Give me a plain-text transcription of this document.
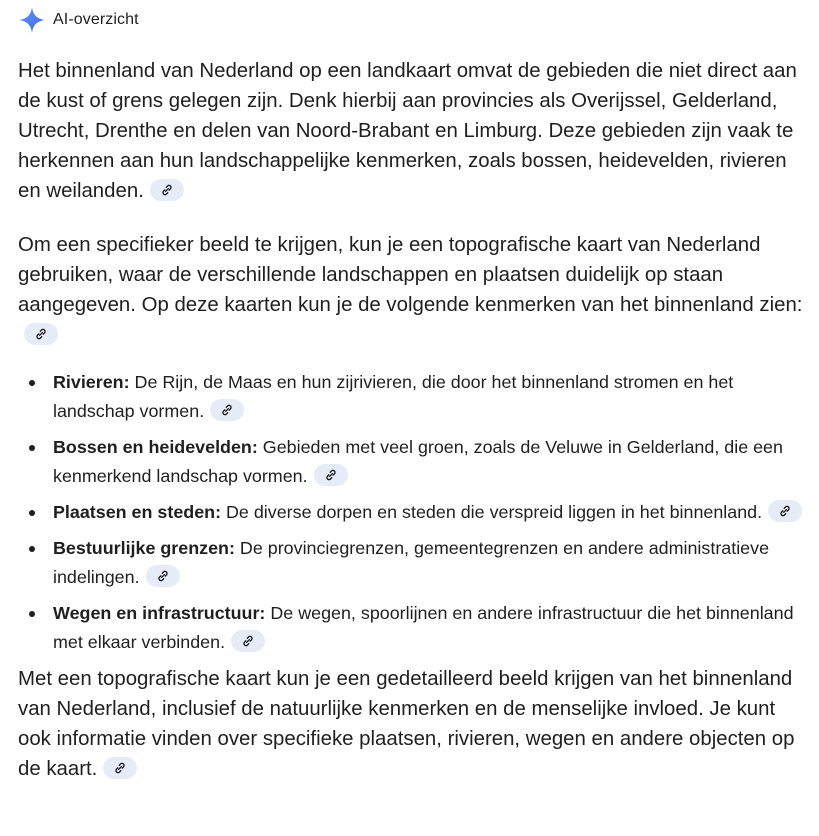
AI-overzicht

Het binnenland van Nederland op een landkaart omvat de gebieden die niet direct aan de kust of grens gelegen zijn. Denk hierbij aan provincies als Overijssel, Gelderland, Utrecht, Drenthe en delen van Noord-Brabant en Limburg. Deze gebieden zijn vaak te herkennen aan hun landschappelijke kenmerken, zoals bossen, heidevelden, rivieren en weilanden.

Om een specifieker beeld te krijgen, kun je een topografische kaart van Nederland gebruiken, waar de verschillende landschappen en plaatsen duidelijk op staan aangegeven. Op deze kaarten kun je de volgende kenmerken van het binnenland zien:

Rivieren: De Rijn, de Maas en hun zijrivieren, die door het binnenland stromen en het landschap vormen.
Bossen en heidevelden: Gebieden met veel groen, zoals de Veluwe in Gelderland, die een kenmerkend landschap vormen.
Plaatsen en steden: De diverse dorpen en steden die verspreid liggen in het binnenland.
Bestuurlijke grenzen: De provinciegrenzen, gemeentegrenzen en andere administratieve indelingen.
Wegen en infrastructuur: De wegen, spoorlijnen en andere infrastructuur die het binnenland met elkaar verbinden.

Met een topografische kaart kun je een gedetailleerd beeld krijgen van het binnenland van Nederland, inclusief de natuurlijke kenmerken en de menselijke invloed. Je kunt ook informatie vinden over specifieke plaatsen, rivieren, wegen en andere objecten op de kaart.
